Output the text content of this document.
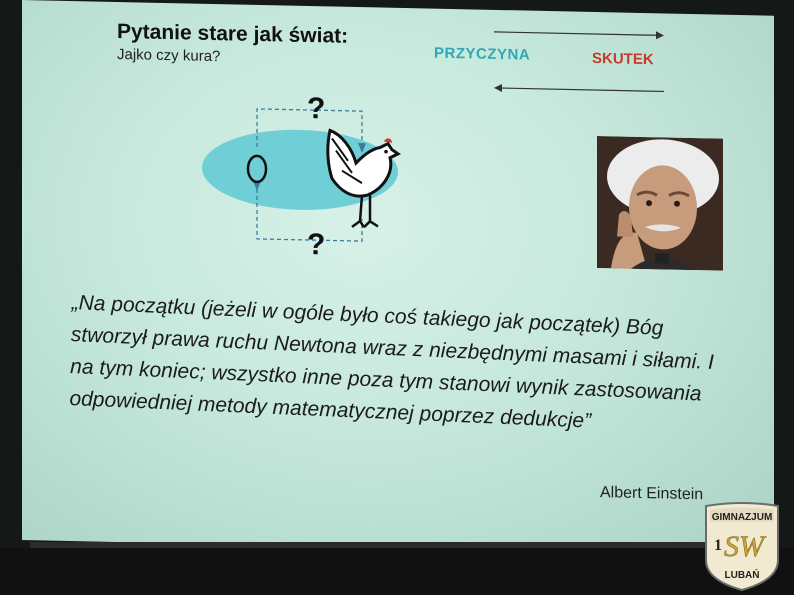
Pytanie stare jak świat:
Jajko czy kura?	PRZYCZYNA	SKUTEK
?
?
„Na początku (jeżeli w ogóle było coś takiego jak początek) Bóg stworzył prawa ruchu Newtona wraz z niezbędnymi masami i siłami. I na tym koniec; wszystko inne poza tym stanowi wynik zastosowania odpowiedniej metody matematycznej poprzez dedukcje”
Albert Einstein
GIMNAZJUM
1 SW
LUBAŃ
